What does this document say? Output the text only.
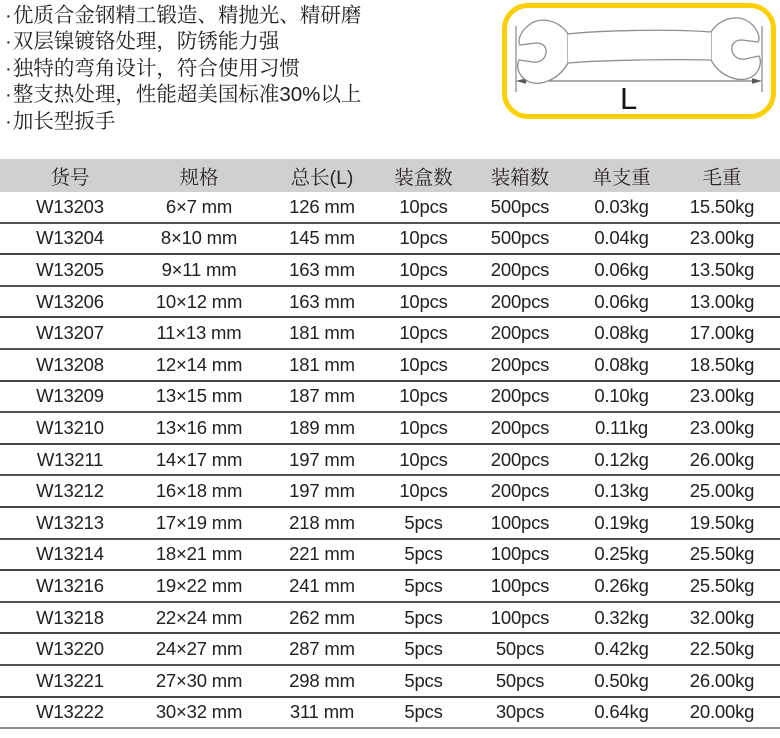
·优质合金钢精工锻造、精抛光、精研磨
·双层镍镀铬处理，防锈能力强
·独特的弯角设计，符合使用习惯
·整支热处理，性能超美国标准30%以上
·加长型扳手
L
货号	规格	总长(L)	装盒数	装箱数	单支重	毛重
W13203	6×7 mm	126 mm	10pcs	500pcs	0.03kg	15.50kg
W13204	8×10 mm	145 mm	10pcs	500pcs	0.04kg	23.00kg
W13205	9×11 mm	163 mm	10pcs	200pcs	0.06kg	13.50kg
W13206	10×12 mm	163 mm	10pcs	200pcs	0.06kg	13.00kg
W13207	11×13 mm	181 mm	10pcs	200pcs	0.08kg	17.00kg
W13208	12×14 mm	181 mm	10pcs	200pcs	0.08kg	18.50kg
W13209	13×15 mm	187 mm	10pcs	200pcs	0.10kg	23.00kg
W13210	13×16 mm	189 mm	10pcs	200pcs	0.11kg	23.00kg
W13211	14×17 mm	197 mm	10pcs	200pcs	0.12kg	26.00kg
W13212	16×18 mm	197 mm	10pcs	200pcs	0.13kg	25.00kg
W13213	17×19 mm	218 mm	5pcs	100pcs	0.19kg	19.50kg
W13214	18×21 mm	221 mm	5pcs	100pcs	0.25kg	25.50kg
W13216	19×22 mm	241 mm	5pcs	100pcs	0.26kg	25.50kg
W13218	22×24 mm	262 mm	5pcs	100pcs	0.32kg	32.00kg
W13220	24×27 mm	287 mm	5pcs	50pcs	0.42kg	22.50kg
W13221	27×30 mm	298 mm	5pcs	50pcs	0.50kg	26.00kg
W13222	30×32 mm	311 mm	5pcs	30pcs	0.64kg	20.00kg
